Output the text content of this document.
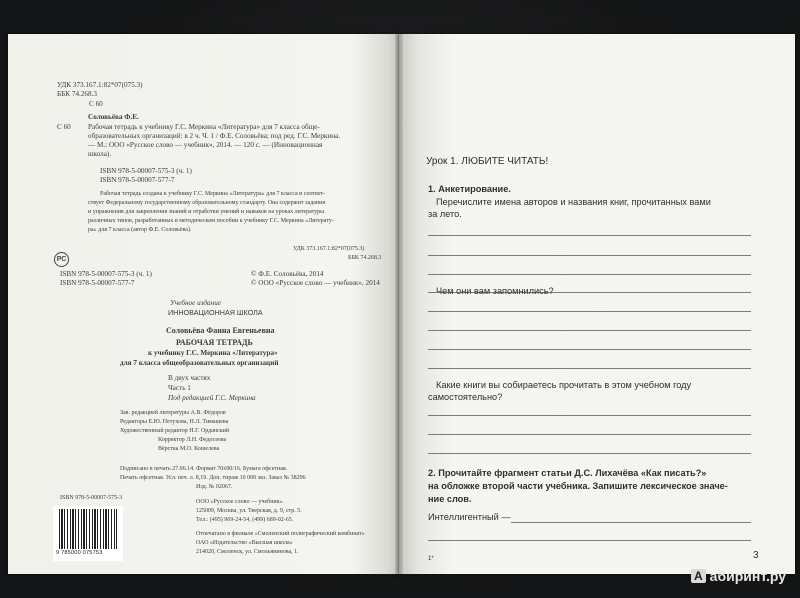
УДК 373.167.1:82*07(075.3)
ББК 74.268.3
С 60
Соловьёва Ф.Е.
С 60 Рабочая тетрадь к учебнику Г.С. Меркина «Литература» для 7 класса обще-
образовательных организаций: в 2 ч. Ч. 1 / Ф.Е. Соловьёва; под ред. Г.С. Меркина.
— М.: ООО «Русское слово — учебник», 2014. — 120 с. — (Инновационная
школа).
ISBN 978-5-00007-575-3 (ч. 1)
ISBN 978-5-00007-577-7
Рабочая тетрадь создана к учебнику Г.С. Меркина «Литература» для 7 класса и соответ-
ствует Федеральному государственному образовательному стандарту. Она содержит задания
и упражнения для закрепления знаний и отработки умений и навыков на уроках литературы
различных типов, разработанных в методическом пособии к учебнику Г.С. Меркина «Литерату-
ра» для 7 класса (автор Ф.Е. Соловьёва).
УДК 373.167.1:82*07(075.3)
ББК 74.268.3
РС
ISBN 978-5-00007-575-3 (ч. 1)
ISBN 978-5-00007-577-7
© Ф.Е. Соловьёва, 2014
© ООО «Русское слово — учебник», 2014
Учебное издание
ИННОВАЦИОННАЯ ШКОЛА
Соловьёва Фаина Евгеньевна
РАБОЧАЯ ТЕТРАДЬ
к учебнику Г.С. Меркина «Литература»
для 7 класса общеобразовательных организаций
В двух частях
Часть 1
Под редакцией Г.С. Меркина
Зав. редакцией литературы А.В. Фёдоров
Редакторы Е.Ю. Петухова, Н.Л. Тимашева
Художественный редактор Н.Г. Орданский
Корректор Л.Н. Федосеева
Вёрстка М.О. Кошелева
Подписано в печать 27.06.14. Формат 70х90/16. Бумага офсетная.
Печать офсетная. Усл. печ. л. 8,19. Доп. тираж 10 000 экз. Заказ № 38296
Изд. № 02067.
ISBN 978-5-00007-575-3
9 785000 075753
ООО «Русское слово — учебник».
125009, Москва, ул. Тверская, д. 9, стр. 5.
Тел.: (495) 969-24-54, (499) 689-02-65.
Отпечатано в филиале «Смоленский полиграфический комбинат»
ОАО «Издательство «Высшая школа»
214020, Смоленск, ул. Смольянинова, 1.
Урок 1. ЛЮБИТЕ ЧИТАТЬ!
1. Анкетирование.
Перечислите имена авторов и названия книг, прочитанных вами
за лето.
Чем они вам запомнились?
Какие книги вы собираетесь прочитать в этом учебном году
самостоятельно?
2. Прочитайте фрагмент статьи Д.С. Лихачёва «Как писать?»
на обложке второй части учебника. Запишите лексическое значе-
ние слов.
Интеллигентный —
1*	3
А абиринт.ру
